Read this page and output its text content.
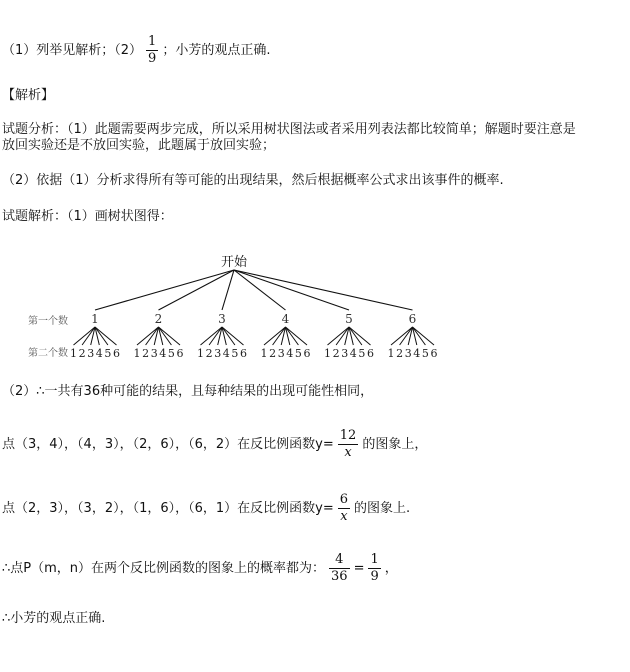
（1）列举见解析；$(2) \frac{1}{9}$ ；小芳的观点正确.
【解析】
试题分析：（1）此题需要两步完成，所以采用树状图法或者采用列表法都比较简单；解题时要注意是
放回实验还是不放回实验，此题属于放回实验；
（2）依据（1）分析求得所有等可能的出现结果，然后根据概率公式求出该事件的概率.
试题解析：（1）画树状图得：
开始
第一个数
第二个数
1
1 2 3 4 5 6
2
1 2 3 4 5 6
3
1 2 3 4 5 6
4
1 2 3 4 5 6
5
1 2 3 4 5 6
6
1 2 3 4 5 6
（2）∴一共有36种可能的结果，且每种结果的出现可能性相同，
点（3，4），（4，3），（2，6），（6，2）在反比例函数$y= \frac{12}{x}$ 的图象上，
点（2，3），（3，2），（1，6），（6，1）在反比例函数$y= \frac{6}{x}$ 的图象上.
∴点P（m，n）在两个反比例函数的图象上的概率都为： $\frac{4}{36} = \frac{1}{9}$ ，
∴小芳的观点正确.
